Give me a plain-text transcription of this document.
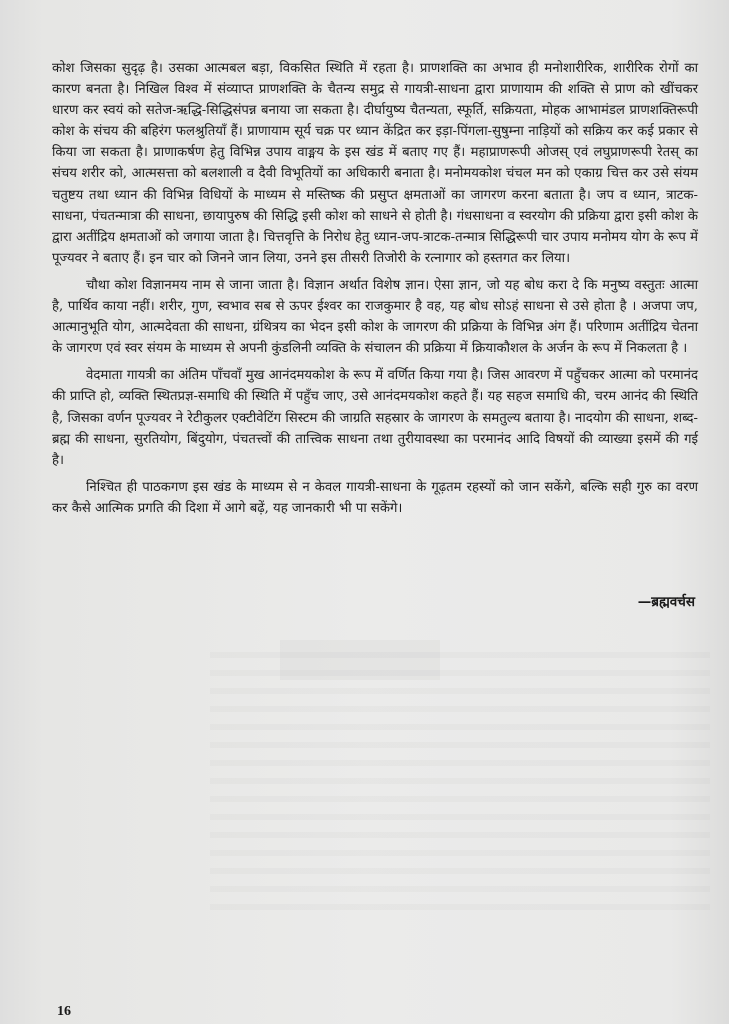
कोश जिसका सुदृढ़ है। उसका आत्मबल बड़ा, विकसित स्थिति में रहता है। प्राणशक्ति का अभाव ही मनोशारीरिक, शारीरिक रोगों का कारण बनता है। निखिल विश्व में संव्याप्त प्राणशक्ति के चैतन्य समुद्र से गायत्री-साधना द्वारा प्राणायाम की शक्ति से प्राण को खींचकर धारण कर स्वयं को सतेज-ऋद्धि-सिद्धिसंपन्न बनाया जा सकता है। दीर्घायुष्य चैतन्यता, स्फूर्ति, सक्रियता, मोहक आभामंडल प्राणशक्तिरूपी कोश के संचय की बहिरंग फलश्रुतियाँ हैं। प्राणायाम सूर्य चक्र पर ध्यान केंद्रित कर इड़ा-पिंगला-सुषुम्ना नाड़ियों को सक्रिय कर कई प्रकार से किया जा सकता है। प्राणाकर्षण हेतु विभिन्न उपाय वाङ्मय के इस खंड में बताए गए हैं। महाप्राणरूपी ओजस् एवं लघुप्राणरूपी रेतस् का संचय शरीर को, आत्मसत्ता को बलशाली व दैवी विभूतियों का अधिकारी बनाता है। मनोमयकोश चंचल मन को एकाग्र चित्त कर उसे संयम चतुष्टय तथा ध्यान की विभिन्न विधियों के माध्यम से मस्तिष्क की प्रसुप्त क्षमताओं का जागरण करना बताता है। जप व ध्यान, त्राटक-साधना, पंचतन्मात्रा की साधना, छायापुरुष की सिद्धि इसी कोश को साधने से होती है। गंधसाधना व स्वरयोग की प्रक्रिया द्वारा इसी कोश के द्वारा अतींद्रिय क्षमताओं को जगाया जाता है। चित्तवृत्ति के निरोध हेतु ध्यान-जप-त्राटक-तन्मात्र सिद्धिरूपी चार उपाय मनोमय योग के रूप में पूज्यवर ने बताए हैं। इन चार को जिनने जान लिया, उनने इस तीसरी तिजोरी के रत्नागार को हस्तगत कर लिया।

चौथा कोश विज्ञानमय नाम से जाना जाता है। विज्ञान अर्थात विशेष ज्ञान। ऐसा ज्ञान, जो यह बोध करा दे कि मनुष्य वस्तुतः आत्मा है, पार्थिव काया नहीं। शरीर, गुण, स्वभाव सब से ऊपर ईश्वर का राजकुमार है वह, यह बोध सोऽहं साधना से उसे होता है । अजपा जप, आत्मानुभूति योग, आत्मदेवता की साधना, ग्रंथित्रय का भेदन इसी कोश के जागरण की प्रक्रिया के विभिन्न अंग हैं। परिणाम अतींद्रिय चेतना के जागरण एवं स्वर संयम के माध्यम से अपनी कुंडलिनी व्यक्ति के संचालन की प्रक्रिया में क्रियाकौशल के अर्जन के रूप में निकलता है ।

वेदमाता गायत्री का अंतिम पाँचवाँ मुख आनंदमयकोश के रूप में वर्णित किया गया है। जिस आवरण में पहुँचकर आत्मा को परमानंद की प्राप्ति हो, व्यक्ति स्थितप्रज्ञ-समाधि की स्थिति में पहुँच जाए, उसे आनंदमयकोश कहते हैं। यह सहज समाधि की, चरम आनंद की स्थिति है, जिसका वर्णन पूज्यवर ने रेटीकुलर एक्टीवेटिंग सिस्टम की जाग्रति सहस्रार के जागरण के समतुल्य बताया है। नादयोग की साधना, शब्द-ब्रह्म की साधना, सुरतियोग, बिंदुयोग, पंचतत्त्वों की तात्त्विक साधना तथा तुरीयावस्था का परमानंद आदि विषयों की व्याख्या इसमें की गई है।

निश्चित ही पाठकगण इस खंड के माध्यम से न केवल गायत्री-साधना के गूढ़तम रहस्यों को जान सकेंगे, बल्कि सही गुरु का वरण कर कैसे आत्मिक प्रगति की दिशा में आगे बढ़ें, यह जानकारी भी पा सकेंगे।

—ब्रह्मवर्चस
16
